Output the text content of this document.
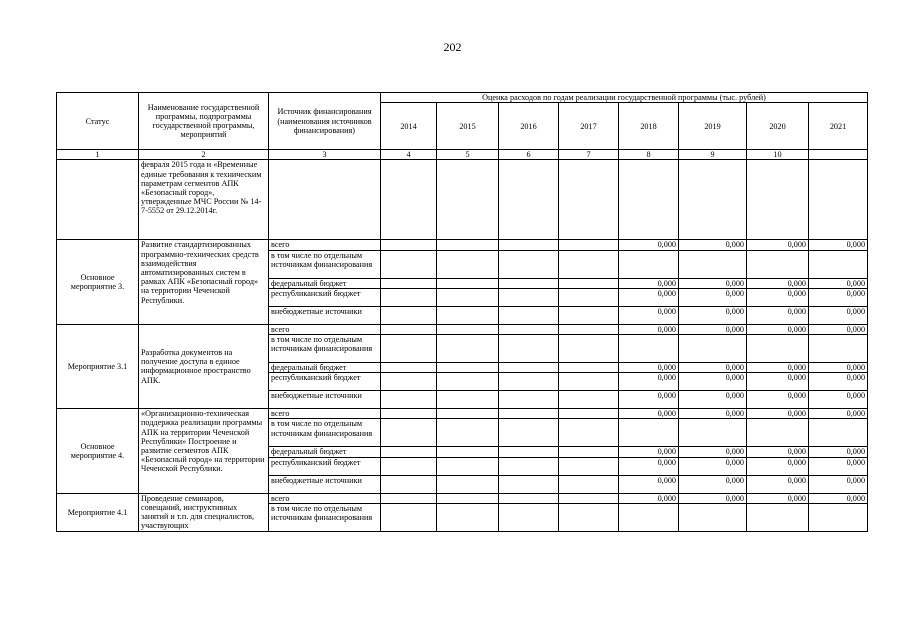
202
Статус	Наименование государственной программы, подпрограммы государственной программы, мероприятий	Источник финансирования (наименования источников финансирования)	Оценка расходов по годам реализации государственной программы (тыс. рублей)							
			2014	2015	2016	2017	2018	2019	2020	2021
1	2	3	4	5	6	7	8	9	10	
	февраля 2015 года и «Временные единые требования к техническим параметрам сегментов АПК «Безопасный город», утвержденные МЧС России № 14-7-5552 от 29.12.2014г.									
Основное мероприятие 3.	Развитие стандартизированных программно-технических средств взаимодействия автоматизированных систем в рамках АПК «Безопасный город» на территории Чеченской Республики.	всего					0,000	0,000	0,000	0,000
		в том числе по отдельным источникам финансирования								
		федеральный бюджет					0,000	0,000	0,000	0,000
		республиканский бюджет					0,000	0,000	0,000	0,000
		внебюджетные источники					0,000	0,000	0,000	0,000
Мероприятие 3.1	Разработка документов на получение доступа в единое информационное пространство АПК.	всего					0,000	0,000	0,000	0,000
		в том числе по отдельным источникам финансирования								
		федеральный бюджет					0,000	0,000	0,000	0,000
		республиканский бюджет					0,000	0,000	0,000	0,000
		внебюджетные источники					0,000	0,000	0,000	0,000
Основное мероприятие 4.	«Организационно-техническая поддержка реализации программы АПК на территории Чеченской Республики» Построение и развитие сегментов АПК «Безопасный город» на территории Чеченской Республики.	всего					0,000	0,000	0,000	0,000
		в том числе по отдельным источникам финансирования								
		федеральный бюджет					0,000	0,000	0,000	0,000
		республиканский бюджет					0,000	0,000	0,000	0,000
		внебюджетные источники					0,000	0,000	0,000	0,000
Мероприятие 4.1	Проведение семинаров, совещаний, инструктивных занятий и т.п. для специалистов, участвующих	всего					0,000	0,000	0,000	0,000
		в том числе по отдельным источникам финансирования								
